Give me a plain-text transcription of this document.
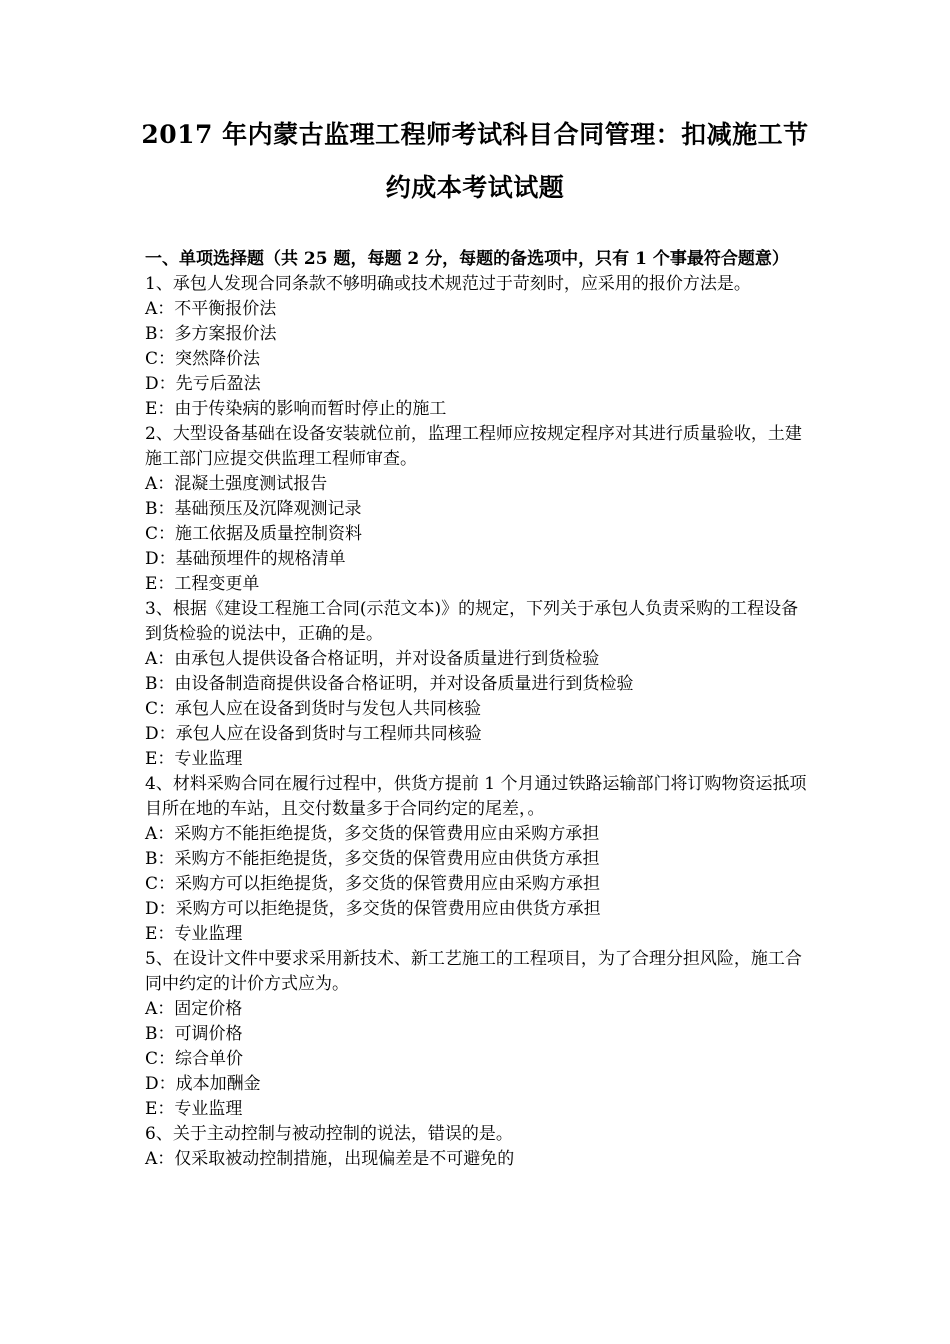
2017 年内蒙古监理工程师考试科目合同管理：扣减施工节
约成本考试试题

一、单项选择题（共 25 题，每题 2 分，每题的备选项中，只有 1 个事最符合题意）

1、承包人发现合同条款不够明确或技术规范过于苛刻时，应采用的报价方法是。

A：不平衡报价法

B：多方案报价法

C：突然降价法

D：先亏后盈法

E：由于传染病的影响而暂时停止的施工

2、大型设备基础在设备安装就位前，监理工程师应按规定程序对其进行质量验收，土建施工部门应提交供监理工程师审查。

A：混凝土强度测试报告

B：基础预压及沉降观测记录

C：施工依据及质量控制资料

D：基础预埋件的规格清单

E：工程变更单

3、根据《建设工程施工合同(示范文本)》的规定，下列关于承包人负责采购的工程设备到货检验的说法中，正确的是。

A：由承包人提供设备合格证明，并对设备质量进行到货检验

B：由设备制造商提供设备合格证明，并对设备质量进行到货检验

C：承包人应在设备到货时与发包人共同核验

D：承包人应在设备到货时与工程师共同核验

E：专业监理

4、材料采购合同在履行过程中，供货方提前 1 个月通过铁路运输部门将订购物资运抵项目所在地的车站，且交付数量多于合同约定的尾差，。

A：采购方不能拒绝提货，多交货的保管费用应由采购方承担

B：采购方不能拒绝提货，多交货的保管费用应由供货方承担

C：采购方可以拒绝提货，多交货的保管费用应由采购方承担

D：采购方可以拒绝提货，多交货的保管费用应由供货方承担

E：专业监理

5、在设计文件中要求采用新技术、新工艺施工的工程项目，为了合理分担风险，施工合同中约定的计价方式应为。

A：固定价格

B：可调价格

C：综合单价

D：成本加酬金

E：专业监理

6、关于主动控制与被动控制的说法，错误的是。

A：仅采取被动控制措施，出现偏差是不可避免的
